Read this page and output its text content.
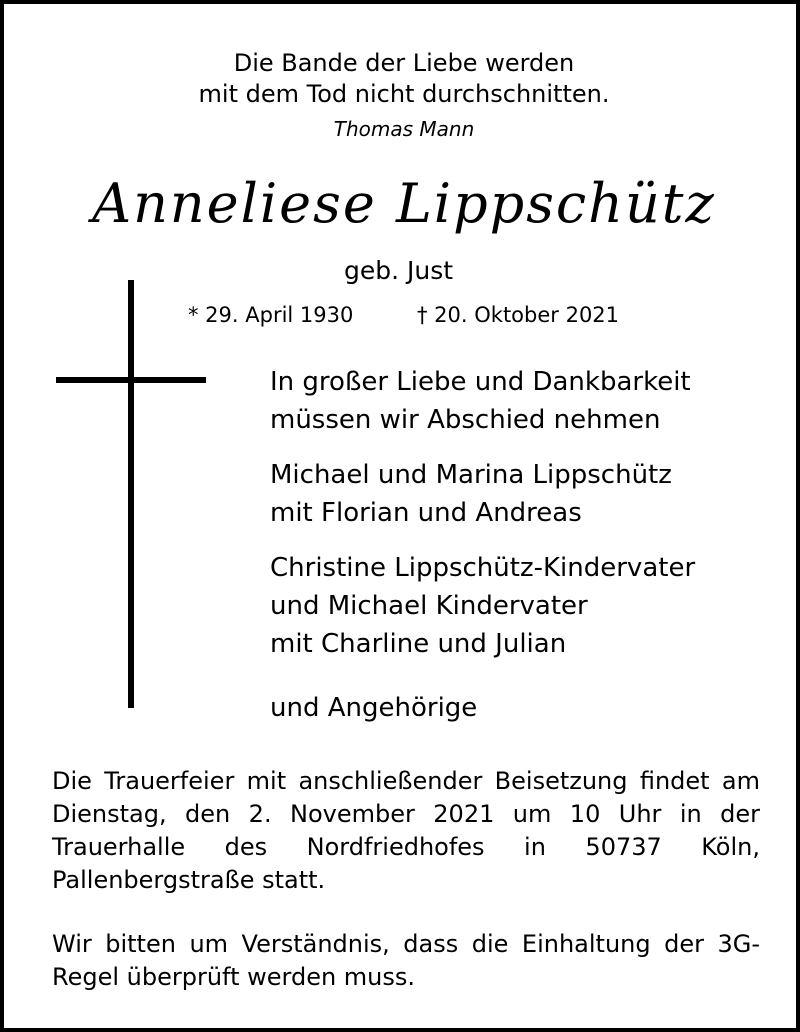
Die Bande der Liebe werden
mit dem Tod nicht durchschnitten.
Thomas Mann
Anneliese Lippschütz
geb. Just
* 29. April 1930	† 20. Oktober 2021
In großer Liebe und Dankbarkeit
müssen wir Abschied nehmen
Michael und Marina Lippschütz
mit Florian und Andreas
Christine Lippschütz-Kindervater
und Michael Kindervater
mit Charline und Julian
und Angehörige
Die Trauerfeier mit anschließender Beisetzung findet am
Dienstag, den 2. November 2021 um 10 Uhr in der
Trauerhalle des Nordfriedhofes in 50737 Köln,
Pallenbergstraße statt.
Wir bitten um Verständnis, dass die Einhaltung der 3G-
Regel überprüft werden muss.
